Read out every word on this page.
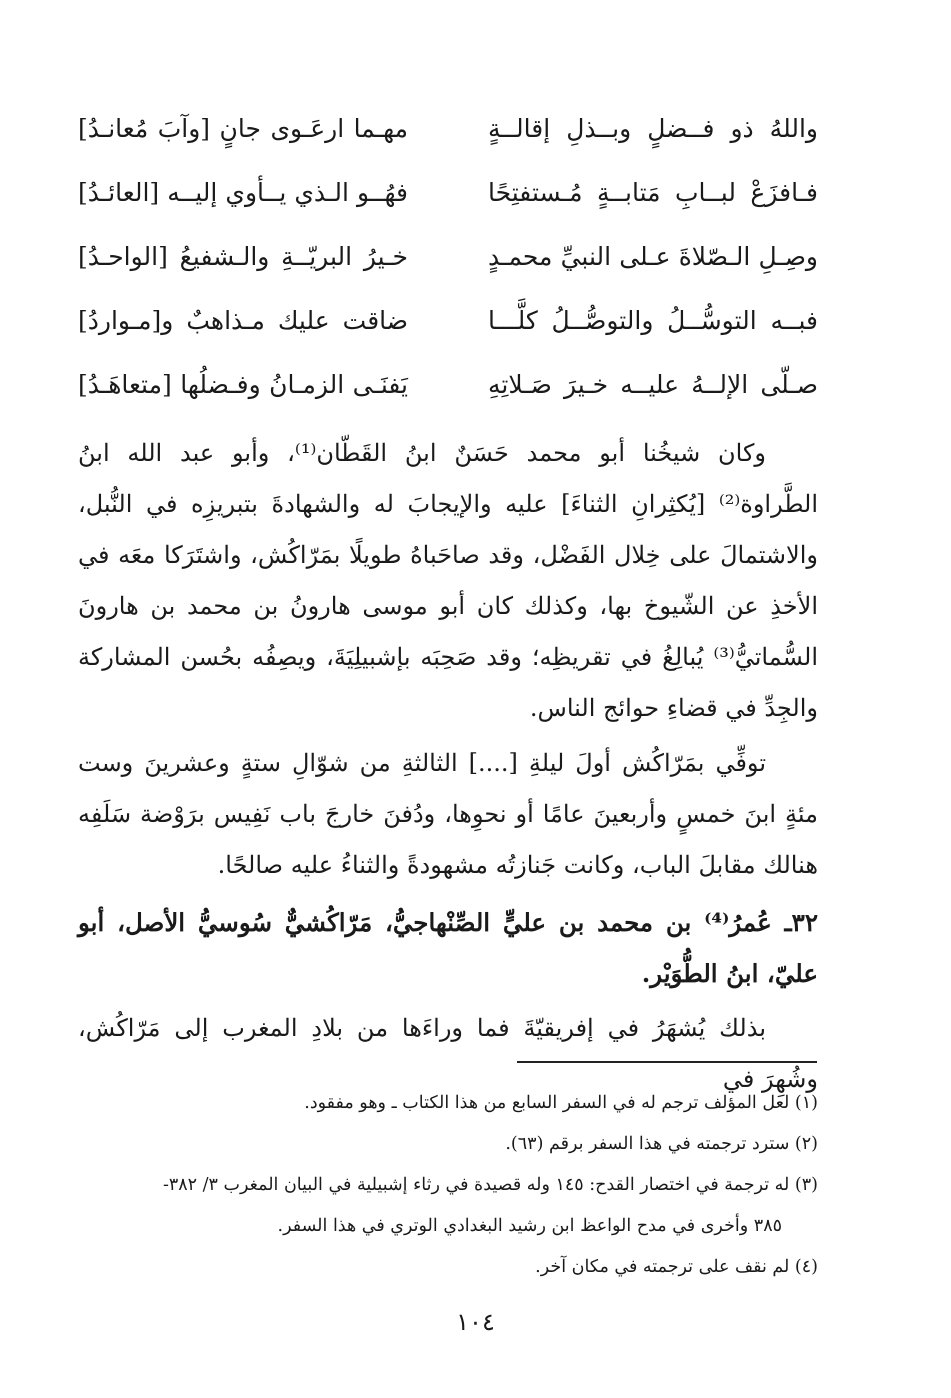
واللهُ ذو فــضلٍ وبــذلِ إقالــةٍ
مهـما ارعَـوى جانٍ [وآبَ مُعانـدُ]
فـافزَعْ لبــابِ مَتابــةٍ مُـستفتِحًا
فهُــو الـذي يــأوي إليــه [العائـدُ]
وصِـلِ الـصّلاةَ عـلى النبيِّ محمـدٍ
خـيرُ البريّــةِ والـشفيعُ [الواحـدُ]
فبــه التوسُّــلُ والتوصُّــلُ كلَّـــا
ضاقت عليك مـذاهبٌ و[مـواردُ]
صـلّى الإلــهُ عليــه خـيرَ صَـلاتِهِ
يَفنَـى الزمـانُ وفـضلُها [متعاهَـدُ]

وكان شيخُنا أبو محمد حَسَنٌ ابنُ القَطّان⁽¹⁾، وأبو عبد الله ابنُ الطَّراوة⁽²⁾ [يُكثِرانِ الثناءَ] عليه والإيجابَ له والشهادةَ بتبريزِه في النُّبل، والاشتمالَ على خِلال الفَضْل، وقد صاحَباهُ طويلًا بمَرّاكُش، واشتَرَكا معَه في الأخذِ عن الشّيوخ بها، وكذلك كان أبو موسى هارونُ بن محمد بن هارونَ السُّماتيُّ⁽³⁾ يُبالِغُ في تقريظِه؛ وقد صَحِبَه بإشبيلِيَةَ، ويصِفُه بحُسن المشاركة والجِدِّ في قضاءِ حوائج الناس.

توفِّي بمَرّاكُش أولَ ليلةِ [....] الثالثةِ من شوّالِ ستةٍ وعشرينَ وست مئةٍ ابنَ خمسٍ وأربعينَ عامًا أو نحوِها، ودُفنَ خارجَ باب نَفِيس برَوْضة سَلَفِه هنالك مقابلَ الباب، وكانت جَنازتُه مشهودةً والثناءُ عليه صالحًا.

٣٢ـ عُمرُ⁽⁴⁾ بن محمد بن عليٍّ الصِّنْهاجيُّ، مَرّاكُشيٌّ سُوسيُّ الأصل، أبو عليّ، ابنُ الطُّوَيْر.

بذلك يُشهَرُ في إفريقيّةَ فما وراءَها من بلادِ المغرب إلى مَرّاكُش، وشُهِرَ في

(١) لعل المؤلف ترجم له في السفر السابع من هذا الكتاب ـ وهو مفقود.

(٢) سترد ترجمته في هذا السفر برقم (٦٣).

(٣) له ترجمة في اختصار القدح: ١٤٥ وله قصيدة في رثاء إشبيلية في البيان المغرب ٣/ ٣٨٢-
٣٨٥ وأخرى في مدح الواعظ ابن رشيد البغدادي الوتري في هذا السفر.

(٤) لم نقف على ترجمته في مكان آخر.

١٠٤
